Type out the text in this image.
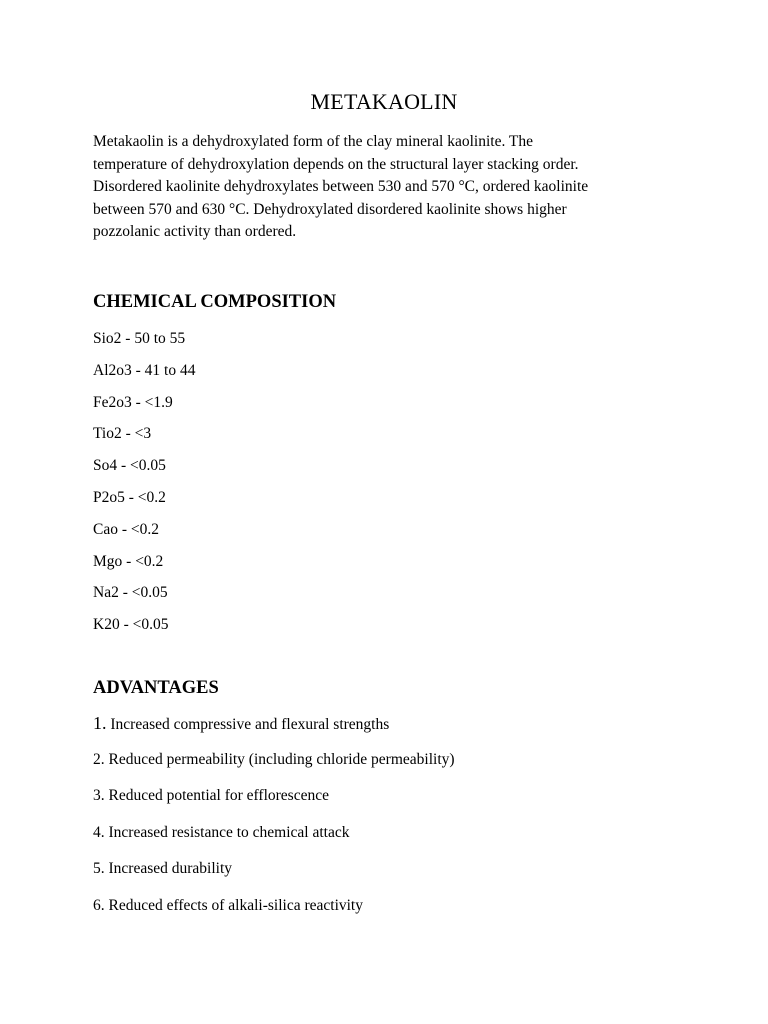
METAKAOLIN
Metakaolin is a dehydroxylated form of the clay mineral kaolinite. The
temperature of dehydroxylation depends on the structural layer stacking order.
Disordered kaolinite dehydroxylates between 530 and 570 °C, ordered kaolinite
between 570 and 630 °C. Dehydroxylated disordered kaolinite shows higher
pozzolanic activity than ordered.
CHEMICAL COMPOSITION
Sio2 - 50 to 55
Al2o3 - 41 to 44
Fe2o3 - <1.9
Tio2 - <3
So4 - <0.05
P2o5 - <0.2
Cao - <0.2
Mgo - <0.2
Na2 - <0.05
K20 - <0.05
ADVANTAGES
1. Increased compressive and flexural strengths
2. Reduced permeability (including chloride permeability)
3. Reduced potential for efflorescence
4. Increased resistance to chemical attack
5. Increased durability
6. Reduced effects of alkali-silica reactivity
